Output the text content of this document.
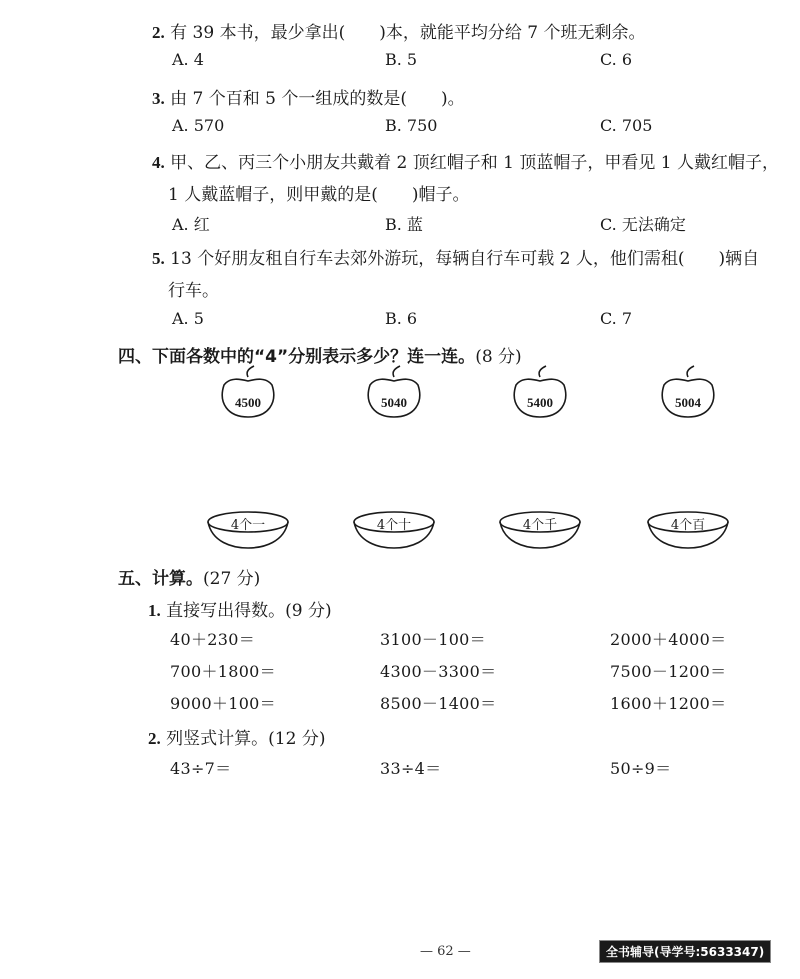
2. 有 39 本书，最少拿出(　　)本，就能平均分给 7 个班无剩余。
A. 4	B. 5	C. 6
3. 由 7 个百和 5 个一组成的数是(　　)。
A. 570	B. 750	C. 705
4. 甲、乙、丙三个小朋友共戴着 2 顶红帽子和 1 顶蓝帽子，甲看见 1 人戴红帽子，
1 人戴蓝帽子，则甲戴的是(　　)帽子。
A. 红	B. 蓝	C. 无法确定
5. 13 个好朋友租自行车去郊外游玩，每辆自行车可载 2 人，他们需租(　　)辆自
行车。
A. 5	B. 6	C. 7
四、下面各数中的“4”分别表示多少？连一连。(8 分)
4500	5040	5400	5004
4个一	4个十	4个千	4个百
五、计算。(27 分)
1. 直接写出得数。(9 分)
40＋230＝	3100－100＝	2000＋4000＝
700＋1800＝	4300－3300＝	7500－1200＝
9000＋100＝	8500－1400＝	1600＋1200＝
2. 列竖式计算。(12 分)
43÷7＝	33÷4＝	50÷9＝
— 62 —	全书辅导(导学号:5633347)
